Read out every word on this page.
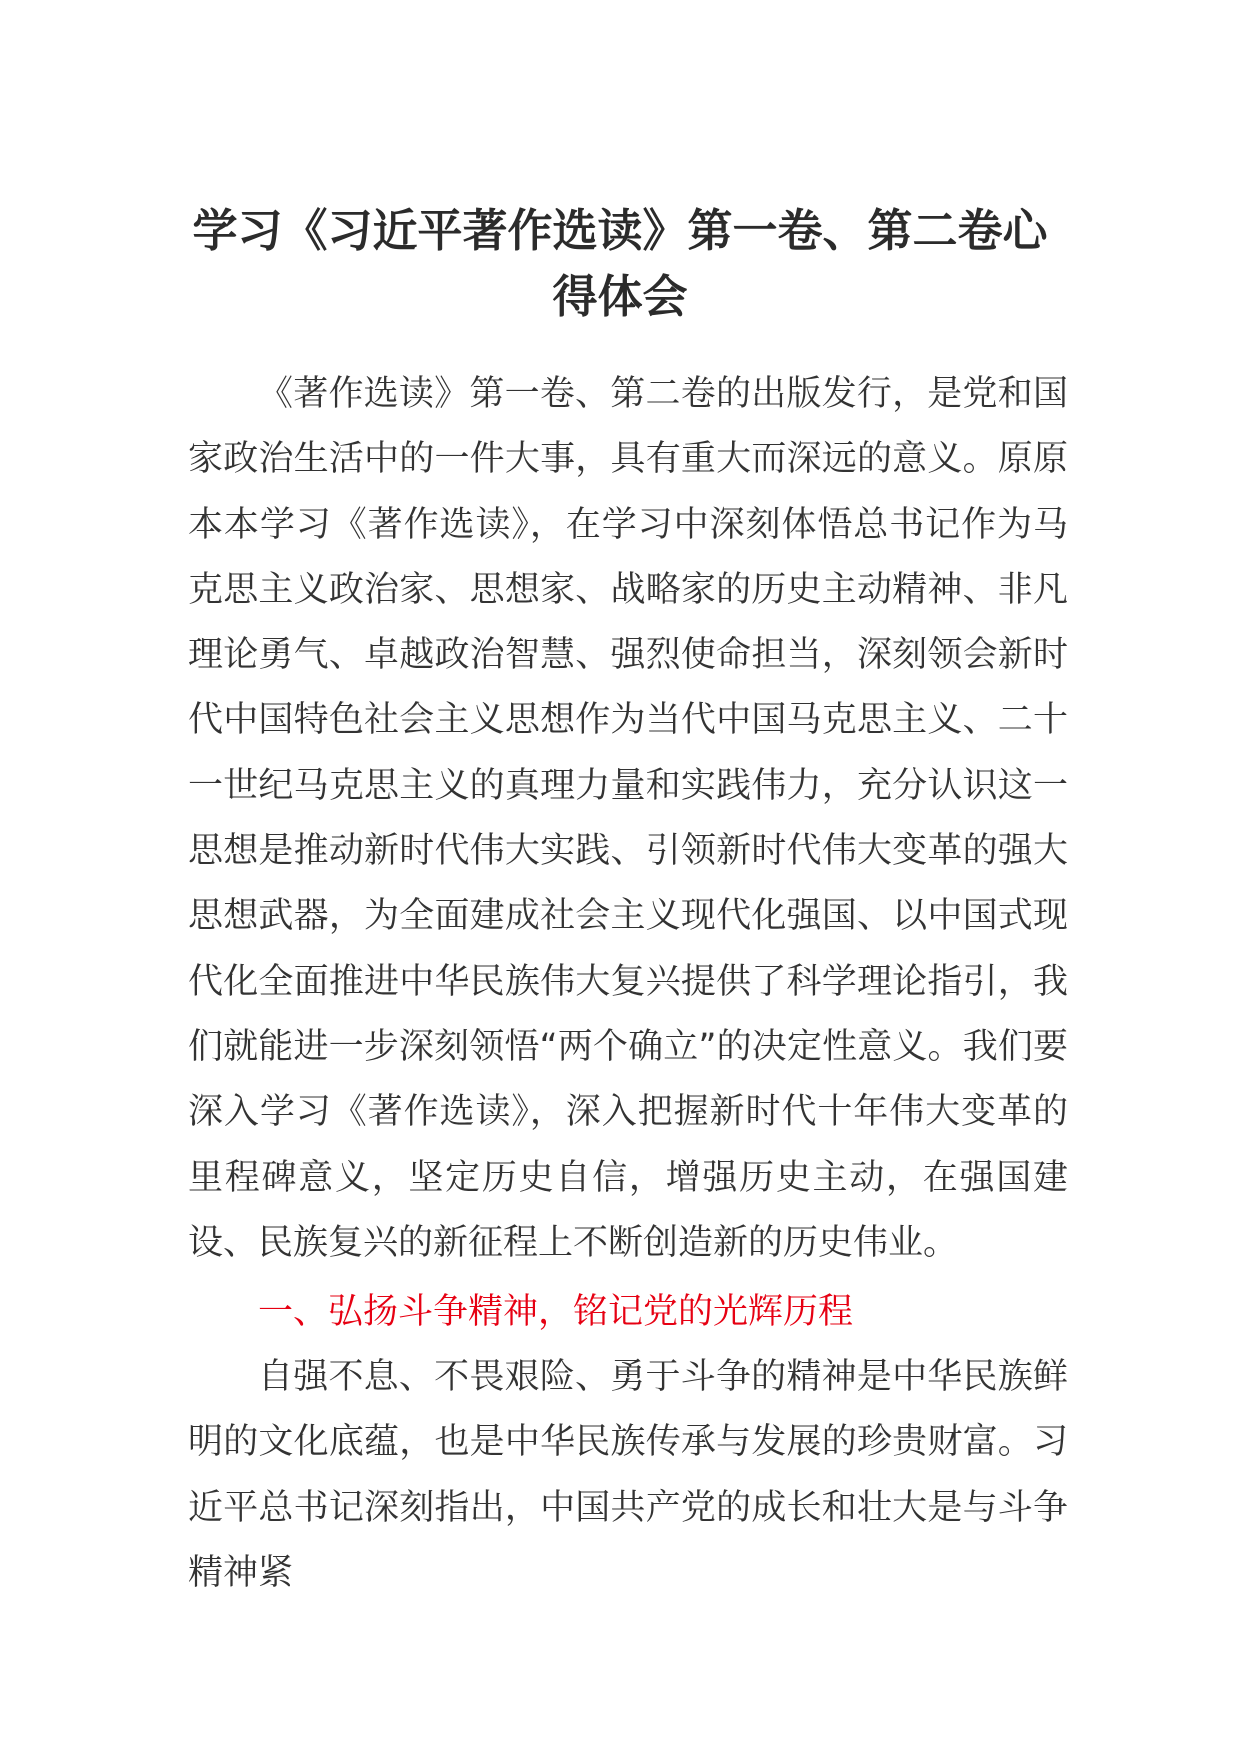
学习《习近平著作选读》第一卷、第二卷心得体会

《著作选读》第一卷、第二卷的出版发行，是党和国家政治生活中的一件大事，具有重大而深远的意义。原原本本学习《著作选读》，在学习中深刻体悟总书记作为马克思主义政治家、思想家、战略家的历史主动精神、非凡理论勇气、卓越政治智慧、强烈使命担当，深刻领会新时代中国特色社会主义思想作为当代中国马克思主义、二十一世纪马克思主义的真理力量和实践伟力，充分认识这一思想是推动新时代伟大实践、引领新时代伟大变革的强大思想武器，为全面建成社会主义现代化强国、以中国式现代化全面推进中华民族伟大复兴提供了科学理论指引，我们就能进一步深刻领悟“两个确立”的决定性意义。我们要深入学习《著作选读》，深入把握新时代十年伟大变革的里程碑意义，坚定历史自信，增强历史主动，在强国建设、民族复兴的新征程上不断创造新的历史伟业。

一、弘扬斗争精神，铭记党的光辉历程

自强不息、不畏艰险、勇于斗争的精神是中华民族鲜明的文化底蕴，也是中华民族传承与发展的珍贵财富。习近平总书记深刻指出，中国共产党的成长和壮大是与斗争精神紧
